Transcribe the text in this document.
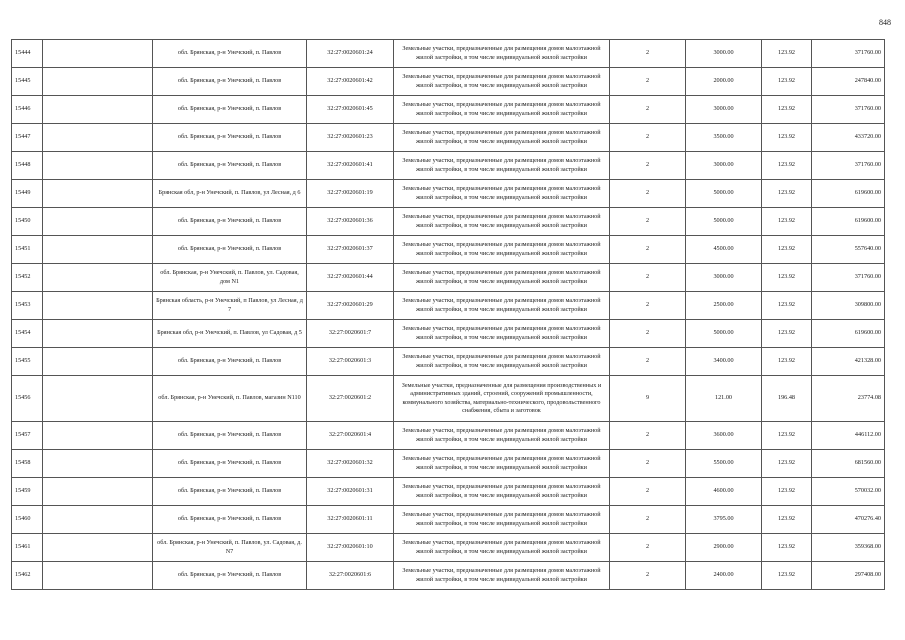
848
15444		обл. Брянская, р-н Унечский, п. Павлов	32:27:0020601:24	Земельные участки, предназначенные для размещения домов малоэтажной жилой застройки, в том числе индивидуальной жилой застройки	2	3000.00	123.92	371760.00
15445		обл. Брянская, р-н Унечский, п. Павлов	32:27:0020601:42	Земельные участки, предназначенные для размещения домов малоэтажной жилой застройки, в том числе индивидуальной жилой застройки	2	2000.00	123.92	247840.00
15446		обл. Брянская, р-н Унечский, п. Павлов	32:27:0020601:45	Земельные участки, предназначенные для размещения домов малоэтажной жилой застройки, в том числе индивидуальной жилой застройки	2	3000.00	123.92	371760.00
15447		обл. Брянская, р-н Унечский, п. Павлов	32:27:0020601:23	Земельные участки, предназначенные для размещения домов малоэтажной жилой застройки, в том числе индивидуальной жилой застройки	2	3500.00	123.92	433720.00
15448		обл. Брянская, р-н Унечский, п. Павлов	32:27:0020601:41	Земельные участки, предназначенные для размещения домов малоэтажной жилой застройки, в том числе индивидуальной жилой застройки	2	3000.00	123.92	371760.00
15449		Брянская обл, р-н Унечский, п. Павлов, ул Лесная, д 6	32:27:0020601:19	Земельные участки, предназначенные для размещения домов малоэтажной жилой застройки, в том числе индивидуальной жилой застройки	2	5000.00	123.92	619600.00
15450		обл. Брянская, р-н Унечский, п. Павлов	32:27:0020601:36	Земельные участки, предназначенные для размещения домов малоэтажной жилой застройки, в том числе индивидуальной жилой застройки	2	5000.00	123.92	619600.00
15451		обл. Брянская, р-н Унечский, п. Павлов	32:27:0020601:37	Земельные участки, предназначенные для размещения домов малоэтажной жилой застройки, в том числе индивидуальной жилой застройки	2	4500.00	123.92	557640.00
15452		обл. Брянская, р-н Унечский, п. Павлов, ул. Садовая, дом N1	32:27:0020601:44	Земельные участки, предназначенные для размещения домов малоэтажной жилой застройки, в том числе индивидуальной жилой застройки	2	3000.00	123.92	371760.00
15453		Брянская область, р-н Унечский, п Павлов, ул Лесная, д 7	32:27:0020601:29	Земельные участки, предназначенные для размещения домов малоэтажной жилой застройки, в том числе индивидуальной жилой застройки	2	2500.00	123.92	309800.00
15454		Брянская обл, р-н Унечский, п. Павлов, ул Садовая, д 5	32:27:0020601:7	Земельные участки, предназначенные для размещения домов малоэтажной жилой застройки, в том числе индивидуальной жилой застройки	2	5000.00	123.92	619600.00
15455		обл. Брянская, р-н Унечский, п. Павлов	32:27:0020601:3	Земельные участки, предназначенные для размещения домов малоэтажной жилой застройки, в том числе индивидуальной жилой застройки	2	3400.00	123.92	421328.00
15456		обл. Брянская, р-н Унечский, п. Павлов, магазин N110	32:27:0020601:2	Земельные участки, предназначенные для размещения производственных и административных зданий, строений, сооружений промышленности, коммунального хозяйства, материально-технического, продовольственного снабжения, сбыта и заготовок	9	121.00	196.48	23774.08
15457		обл. Брянская, р-н Унечский, п. Павлов	32:27:0020601:4	Земельные участки, предназначенные для размещения домов малоэтажной жилой застройки, в том числе индивидуальной жилой застройки	2	3600.00	123.92	446112.00
15458		обл. Брянская, р-н Унечский, п. Павлов	32:27:0020601:32	Земельные участки, предназначенные для размещения домов малоэтажной жилой застройки, в том числе индивидуальной жилой застройки	2	5500.00	123.92	681560.00
15459		обл. Брянская, р-н Унечский, п. Павлов	32:27:0020601:31	Земельные участки, предназначенные для размещения домов малоэтажной жилой застройки, в том числе индивидуальной жилой застройки	2	4600.00	123.92	570032.00
15460		обл. Брянская, р-н Унечский, п. Павлов	32:27:0020601:11	Земельные участки, предназначенные для размещения домов малоэтажной жилой застройки, в том числе индивидуальной жилой застройки	2	3795.00	123.92	470276.40
15461		обл. Брянская, р-н Унечский, п. Павлов, ул. Садовая, д. N7	32:27:0020601:10	Земельные участки, предназначенные для размещения домов малоэтажной жилой застройки, в том числе индивидуальной жилой застройки	2	2900.00	123.92	359368.00
15462		обл. Брянская, р-н Унечский, п. Павлов	32:27:0020601:6	Земельные участки, предназначенные для размещения домов малоэтажной жилой застройки, в том числе индивидуальной жилой застройки	2	2400.00	123.92	297408.00
